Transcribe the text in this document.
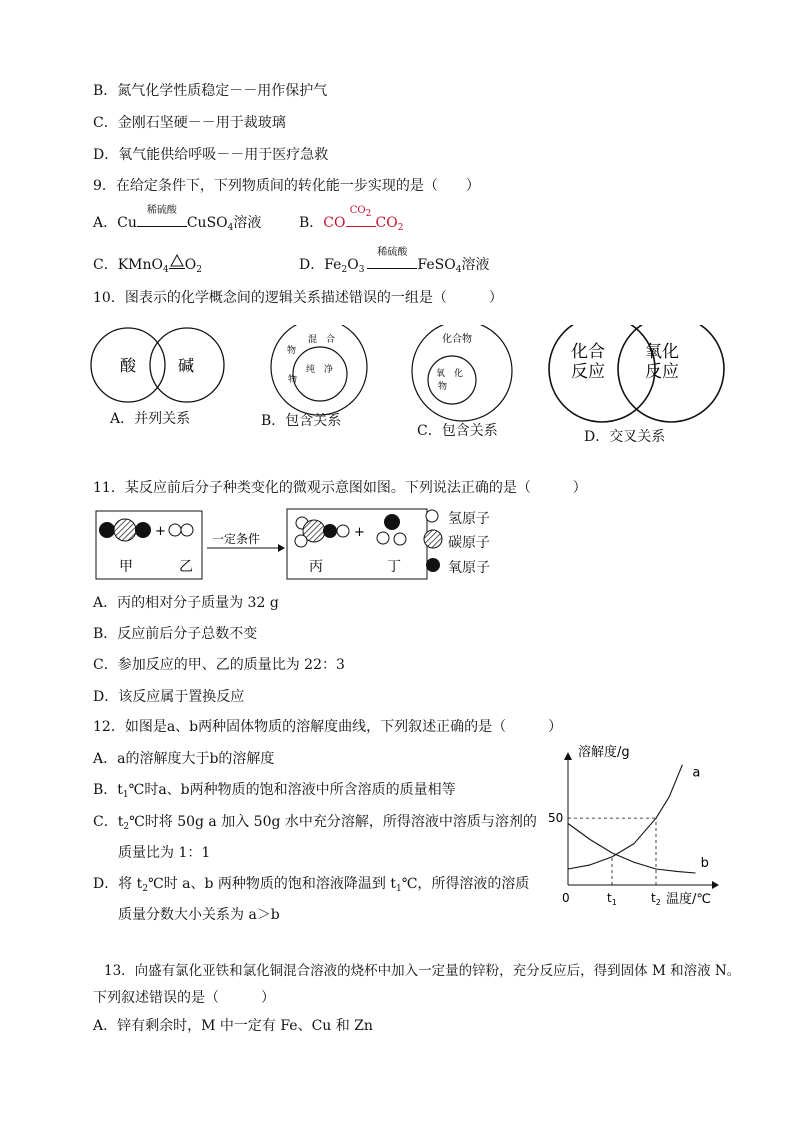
B．氮气化学性质稳定－－用作保护气
C．金刚石坚硬－－用于裁玻璃
D．氧气能供给呼吸－－用于医疗急救
9．在给定条件下，下列物质间的转化能一步实现的是（　　）
A．Cu
稀硫酸
CuSO$_4$溶液	B．CO
CO2
$CO_2$
C．KMnO$_4$ $O_2$	D．$Fe_2O_3$
稀硫酸
FeSO$_4$溶液
10．图表示的化学概念间的逻辑关系描述错误的一组是（　　　）
酸	碱
混　合
物
纯　净
物
化合物
氧　化
物
化合
反应
氧化
反应
A．并列关系	B．包含关系
C．包含关系	D．交叉关系
11．某反应前后分子种类变化的微观示意图如图。下列说法正确的是（　　　）
+
甲	乙
一定条件	+
丙	丁
氢原子
碳原子
氧原子
A．丙的相对分子质量为 32 g
B．反应前后分子总数不变
C．参加反应的甲、乙的质量比为 22：3
D．该反应属于置换反应
12．如图是a、b两种固体物质的溶解度曲线，下列叙述正确的是（　　　）
A．a的溶解度大于b的溶解度
B．$t_1℃$时a、b两种物质的饱和溶液中所含溶质的质量相等
C．$t_2℃$时将 50g a 加入 50g 水中充分溶解，所得溶液中溶质与溶剂的
质量比为 1：1
D．将 $t_2℃$时 a、b 两种物质的饱和溶液降温到 $t_1℃$，所得溶液的溶质
质量分数大小关系为 a＞b
溶解度/g
温度/℃
0
a
b
50
$t_1$	$t_2$
13．向盛有氯化亚铁和氯化铜混合溶液的烧杯中加入一定量的锌粉，充分反应后，得到固体 M 和溶液 N。
下列叙述错误的是（　　　）
A．锌有剩余时，M 中一定有 Fe、Cu 和 Zn
